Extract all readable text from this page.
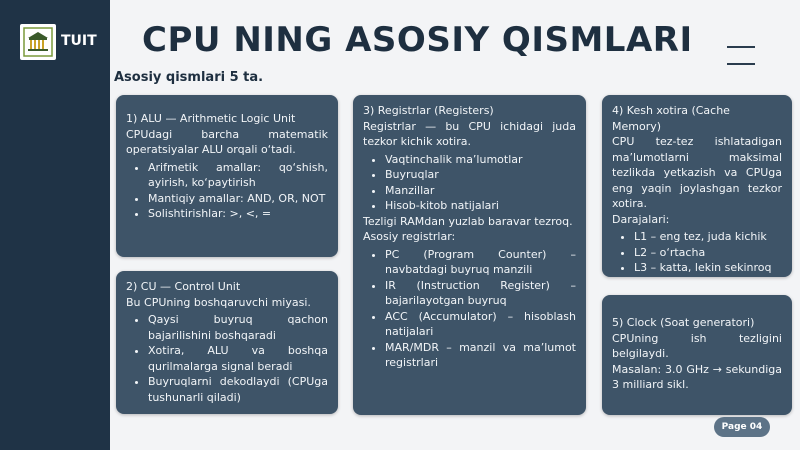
TUIT CPU NING ASOSIY QISMLARI
Asosiy qismlari 5 ta.
1) ALU — Arithmetic Logic Unit
CPUdagi barcha matematik operatsiyalar ALU orqali o‘tadi.
• Arifmetik amallar: qo‘shish, ayirish, ko‘paytirish
• Mantiqiy amallar: AND, OR, NOT
• Solishtirishlar: >, <, =
2) CU — Control Unit
Bu CPUning boshqaruvchi miyasi.
• Qaysi buyruq qachon bajarilishini boshqaradi
• Xotira, ALU va boshqa qurilmalarga signal beradi
• Buyruqlarni dekodlaydi (CPUga tushunarli qiladi)
3) Registrlar (Registers)
Registrlar — bu CPU ichidagi juda tezkor kichik xotira.
• Vaqtinchalik ma’lumotlar
• Buyruqlar
• Manzillar
• Hisob-kitob natijalari
Tezligi RAMdan yuzlab baravar tezroq.
Asosiy registrlar:
• PC (Program Counter) – navbatdagi buyruq manzili
• IR (Instruction Register) – bajarilayotgan buyruq
• ACC (Accumulator) – hisoblash natijalari
• MAR/MDR – manzil va ma’lumot registrlari
4) Kesh xotira (Cache Memory)
CPU tez-tez ishlatadigan ma’lumotlarni maksimal tezlikda yetkazish va CPUga eng yaqin joylashgan tezkor xotira.
Darajalari:
• L1 – eng tez, juda kichik
• L2 – o‘rtacha
• L3 – katta, lekin sekinroq
5) Clock (Soat generatori)
CPUning ish tezligini belgilaydi.
Masalan: 3.0 GHz → sekundiga 3 milliard sikl.
Page 04
